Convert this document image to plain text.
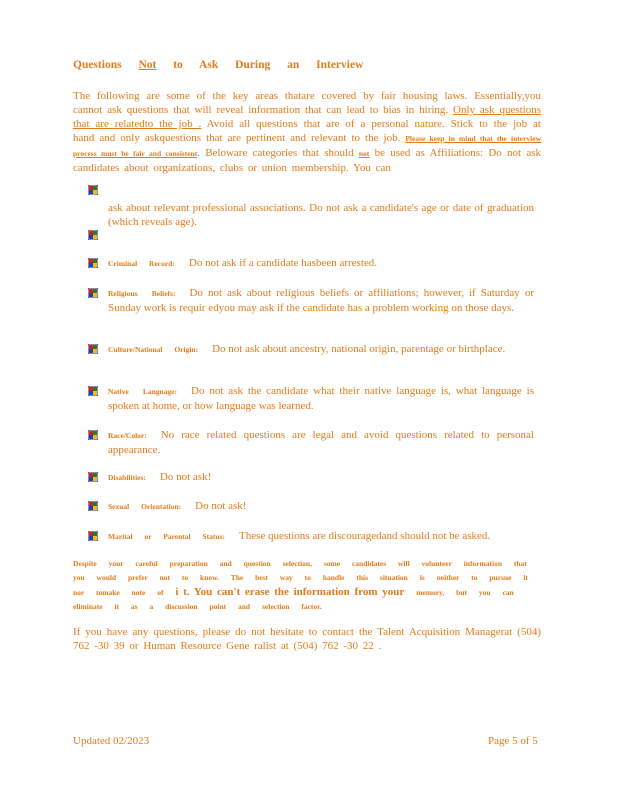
Questions Not to Ask During an Interview
The following are some of the key areas thatare covered by fair housing laws. Essentially,you cannot ask questions that will reveal information that can lead to bias in hiring. Only ask questions that are relatedto the job . Avoid all questions that are of a personal nature. Stick to the job at hand and only askquestions that are pertinent and relevant to the job. Please keep in mind that the interview process must be fair and consistent. Beloware categories that should not be used as Affiliations: Do not ask candidates about organizations, clubs or union membership. You can
ask about relevant professional associations. Do not ask a candidate's age or date of graduation (which reveals age).
Criminal Record: Do not ask if a candidate hasbeen arrested.
Religious Beliefs: Do not ask about religious beliefs or affiliations; however, if Saturday or Sunday work is requir edyou may ask if the candidate has a problem working on those days.
Culture/National Origin: Do not ask about ancestry, national origin, parentage or birthplace.
Native Language: Do not ask the candidate what their native language is, what language is spoken at home, or how language was learned.
Race/Color: No race related questions are legal and avoid questions related to personal appearance.
Disabilities: Do not ask!
Sexual Orientation: Do not ask!
Marital or Parental Status: These questions are discouragedand should not be asked.
Despite your careful preparation and question selection, some candidates will volunteer information that you would prefer not to know. The best way to handle this situation is neither to pursue it nor tomake note of i t. You can't erase the information from your memory, but you can eliminate it as a discussion point and selection factor.
If you have any questions, please do not hesitate to contact the Talent Acquisition Managerat (504) 762 -30 39 or Human Resource Gene ralist at (504) 762 -30 22 .
Updated 02/2023	Page 5 of 5
